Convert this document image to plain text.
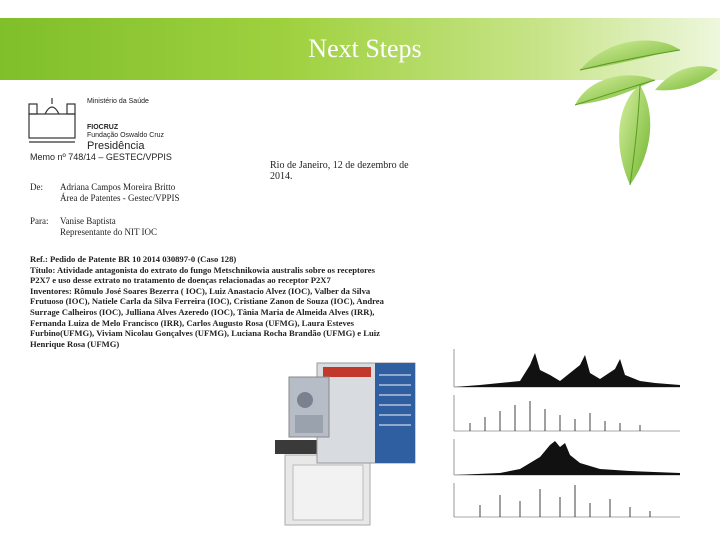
Next Steps
Ministério da Saúde
FIOCRUZ
Fundação Oswaldo Cruz
Presidência
Memo nº 748/14 – GESTEC/VPPIS
Rio de Janeiro, 12 de dezembro de 2014.
De: Adriana Campos Moreira Britto
Área de Patentes - Gestec/VPPIS
Para: Vanise Baptista
Representante do NIT IOC
Ref.: Pedido de Patente BR 10 2014 030897-0 (Caso 128)
Título: Atividade antagonista do extrato do fungo Metschnikowia australis sobre os receptores
P2X7 e uso desse extrato no tratamento de doenças relacionadas ao receptor P2X7
Inventores: Rômulo José Soares Bezerra ( IOC), Luiz Anastacio Alvez (IOC), Valber da Silva
Frutuoso (IOC), Natiele Carla da Silva Ferreira (IOC), Cristiane Zanon de Souza (IOC), Andrea
Surrage Calheiros (IOC), Julliana Alves Azeredo (IOC), Tânia Maria de Almeida Alves (IRR),
Fernanda Luiza de Melo Francisco (IRR), Carlos Augusto Rosa (UFMG), Laura Esteves
Furbino(UFMG), Viviam Nicolau Gonçalves (UFMG), Luciana Rocha Brandão (UFMG) e Luiz
Henrique Rosa (UFMG)
